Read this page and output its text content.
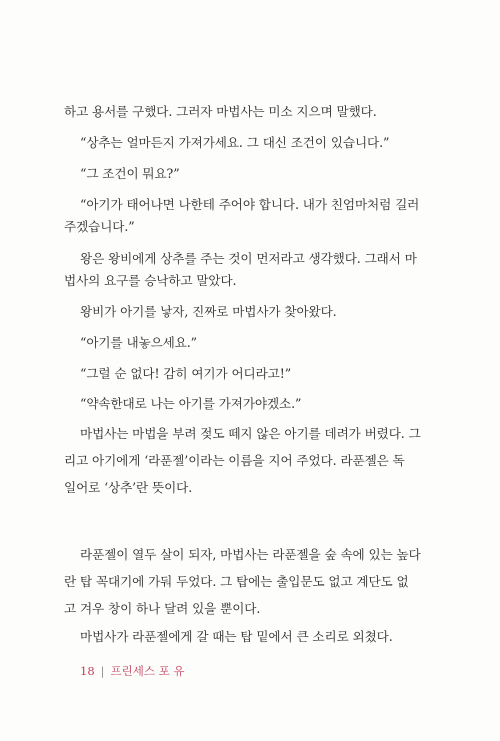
하고 용서를 구했다. 그러자 마법사는 미소 지으며 말했다.
“상추는 얼마든지 가져가세요. 그 대신 조건이 있습니다.”
“그 조건이 뭐요?”
“아기가 태어나면 나한테 주어야 합니다. 내가 친엄마처럼 길러
주겠습니다.”
왕은 왕비에게 상추를 주는 것이 먼저라고 생각했다. 그래서 마
법사의 요구를 승낙하고 말았다.
왕비가 아기를 낳자, 진짜로 마법사가 찾아왔다.
“아기를 내놓으세요.”
“그럴 순 없다! 감히 여기가 어디라고!”
“약속한대로 나는 아기를 가져가야겠소.”
마법사는 마법을 부려 젖도 떼지 않은 아기를 데려가 버렸다. 그
리고 아기에게 ‘라푼젤’이라는 이름을 지어 주었다. 라푼젤은 독
일어로 ‘상추’란 뜻이다.
라푼젤이 열두 살이 되자, 마법사는 라푼젤을 숲 속에 있는 높다
란 탑 꼭대기에 가둬 두었다. 그 탑에는 출입문도 없고 계단도 없
고 겨우 창이 하나 달려 있을 뿐이다.
마법사가 라푼젤에게 갈 때는 탑 밑에서 큰 소리로 외쳤다.
18 | 프린세스 포 유
